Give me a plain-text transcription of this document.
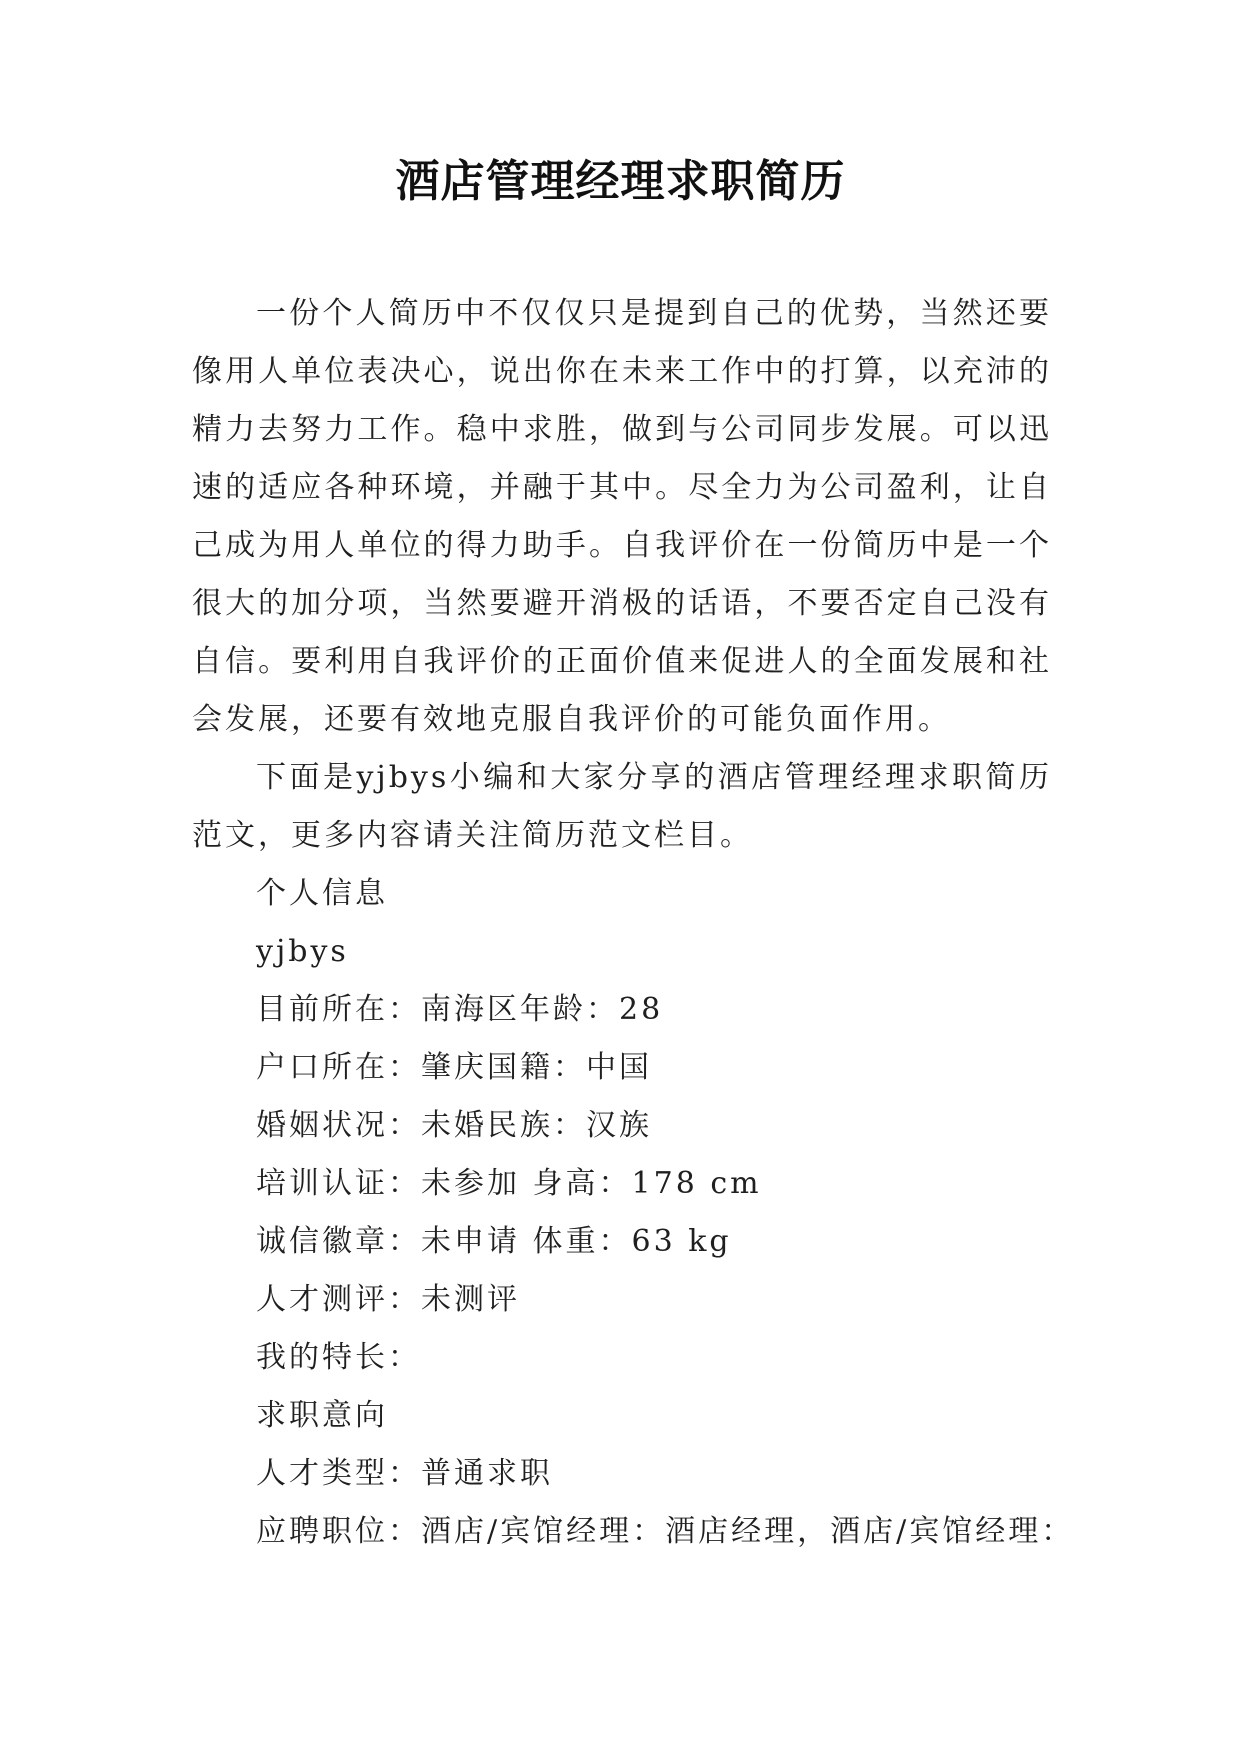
酒店管理经理求职简历

一份个人简历中不仅仅只是提到自己的优势，当然还要像用人单位表决心，说出你在未来工作中的打算，以充沛的精力去努力工作。稳中求胜，做到与公司同步发展。可以迅速的适应各种环境，并融于其中。尽全力为公司盈利，让自己成为用人单位的得力助手。自我评价在一份简历中是一个很大的加分项，当然要避开消极的话语，不要否定自己没有自信。要利用自我评价的正面价值来促进人的全面发展和社会发展，还要有效地克服自我评价的可能负面作用。

下面是yjbys小编和大家分享的酒店管理经理求职简历范文，更多内容请关注简历范文栏目。

个人信息

yjbys

目前所在：南海区年龄：28

户口所在：肇庆国籍：中国

婚姻状况：未婚民族：汉族

培训认证：未参加 身高：178 cm

诚信徽章：未申请 体重：63 kg

人才测评：未测评

我的特长：

求职意向

人才类型：普通求职

应聘职位：酒店/宾馆经理：酒店经理，酒店/宾馆经理：
